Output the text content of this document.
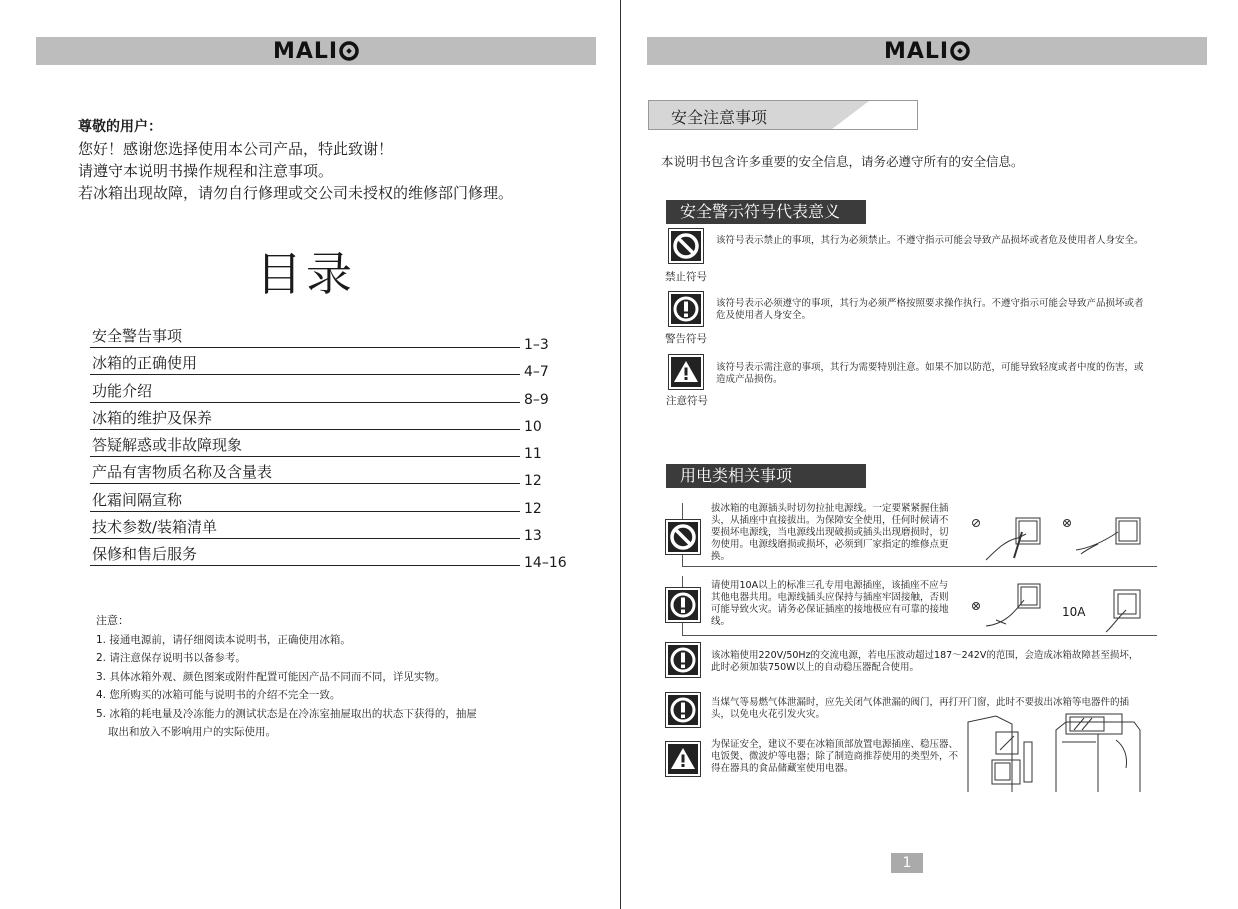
MALI	MALI
尊敬的用户：
您好！感谢您选择使用本公司产品，特此致谢！
请遵守本说明书操作规程和注意事项。
若冰箱出现故障，请勿自行修理或交公司未授权的维修部门修理。
目录
安全警告事项	1–3
冰箱的正确使用	4–7
功能介绍	8–9
冰箱的维护及保养	10
答疑解惑或非故障现象	11
产品有害物质名称及含量表	12
化霜间隔宣称	12
技术参数/装箱清单	13
保修和售后服务	14–16
注意：
1. 接通电源前，请仔细阅读本说明书，正确使用冰箱。
2. 请注意保存说明书以备参考。
3. 具体冰箱外观、颜色图案或附件配置可能因产品不同而不同，详见实物。
4. 您所购买的冰箱可能与说明书的介绍不完全一致。
5. 冰箱的耗电量及冷冻能力的测试状态是在冷冻室抽屉取出的状态下获得的，抽屉
取出和放入不影响用户的实际使用。
安全注意事项
本说明书包含许多重要的安全信息，请务必遵守所有的安全信息。
安全警示符号代表意义
该符号表示禁止的事项，其行为必须禁止。不遵守指示可能会导致产品损坏或者危及使用者人身安全。
禁止符号
该符号表示必须遵守的事项，其行为必须严格按照要求操作执行。不遵守指示可能会导致产品损坏或者危及使用者人身安全。
警告符号
该符号表示需注意的事项，其行为需要特别注意。如果不加以防范，可能导致轻度或者中度的伤害，或造成产品损伤。
注意符号
用电类相关事项
拔冰箱的电源插头时切勿拉扯电源线。一定要紧紧握住插头，从插座中直接拔出。为保障安全使用，任何时候请不要损坏电源线，当电源线出现破损或插头出现磨损时，切勿使用。电源线磨损或损坏，必须到厂家指定的维修点更换。
请使用10A以上的标准三孔专用电源插座，该插座不应与其他电器共用。电源线插头应保持与插座牢固接触，否则可能导致火灾。请务必保证插座的接地极应有可靠的接地线。
10A
该冰箱使用220V/50Hz的交流电源，若电压波动超过187～242V的范围，会造成冰箱故障甚至损坏，此时必须加装750W以上的自动稳压器配合使用。
当煤气等易燃气体泄漏时，应先关闭气体泄漏的阀门，再打开门窗，此时不要拔出冰箱等电器件的插头，以免电火花引发火灾。
为保证安全，建议不要在冰箱顶部放置电源插座、稳压器、电饭煲、微波炉等电器；除了制造商推荐使用的类型外，不得在器具的食品储藏室使用电器。
1
